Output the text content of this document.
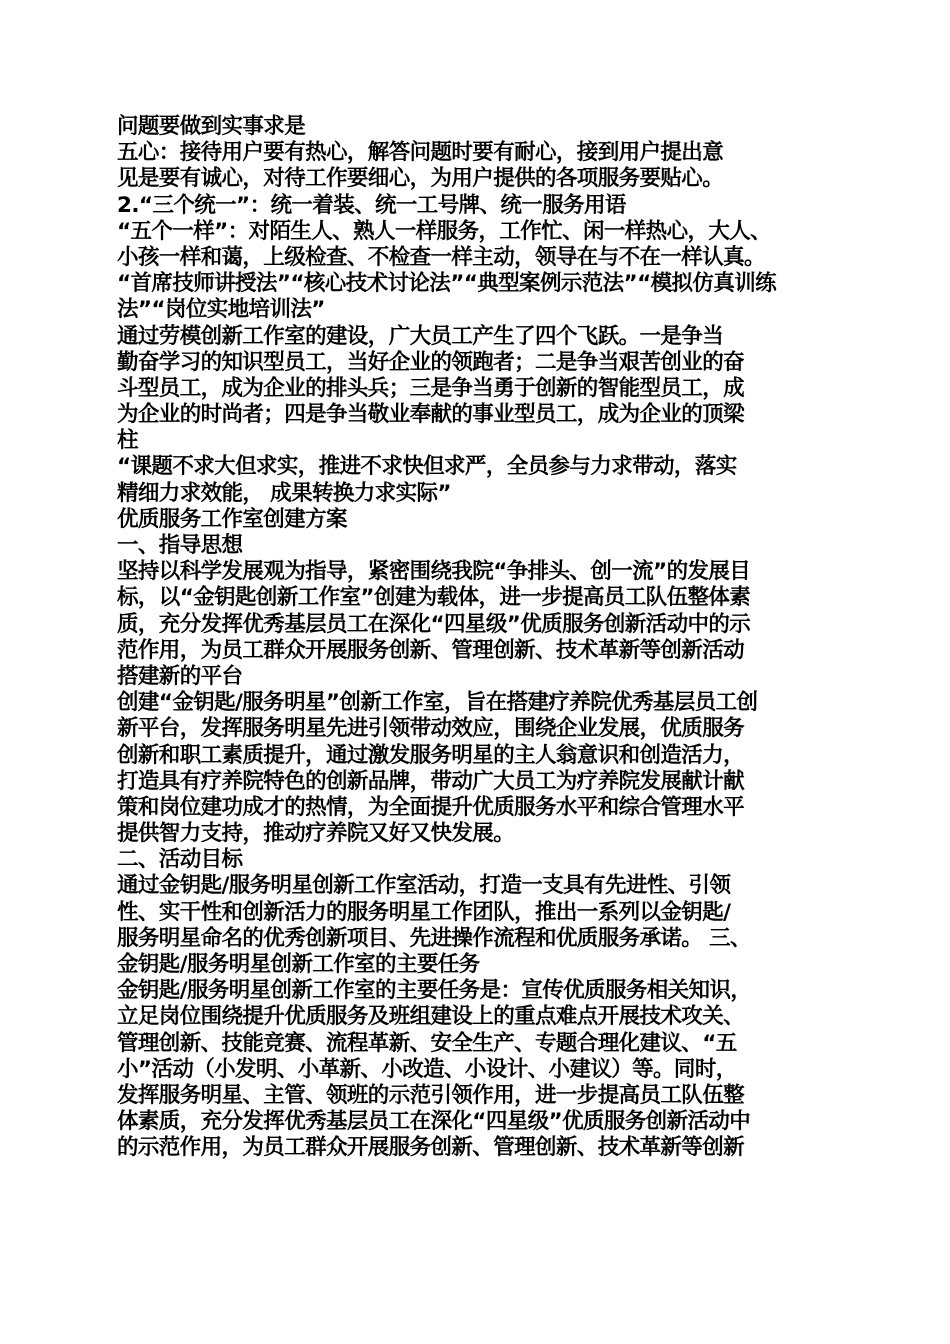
问题要做到实事求是
五心：接待用户要有热心，解答问题时要有耐心，接到用户提出意
见是要有诚心，对待工作要细心，为用户提供的各项服务要贴心。
2.“三个统一”：统一着装、统一工号牌、统一服务用语
“五个一样”：对陌生人、熟人一样服务，工作忙、闲一样热心，大人、
小孩一样和蔼，上级检查、不检查一样主动，领导在与不在一样认真。
“首席技师讲授法”“核心技术讨论法”“典型案例示范法”“模拟仿真训练
法”“岗位实地培训法”
通过劳模创新工作室的建设，广大员工产生了四个飞跃。一是争当
勤奋学习的知识型员工，当好企业的领跑者；二是争当艰苦创业的奋
斗型员工，成为企业的排头兵；三是争当勇于创新的智能型员工，成
为企业的时尚者；四是争当敬业奉献的事业型员工，成为企业的顶梁
柱
“课题不求大但求实，推进不求快但求严，全员参与力求带动，落实
精细力求效能， 成果转换力求实际”
优质服务工作室创建方案
一、指导思想
坚持以科学发展观为指导，紧密围绕我院“争排头、创一流”的发展目
标，以“金钥匙创新工作室”创建为载体，进一步提高员工队伍整体素
质，充分发挥优秀基层员工在深化“四星级”优质服务创新活动中的示
范作用，为员工群众开展服务创新、管理创新、技术革新等创新活动
搭建新的平台
创建“金钥匙/服务明星”创新工作室，旨在搭建疗养院优秀基层员工创
新平台，发挥服务明星先进引领带动效应，围绕企业发展，优质服务
创新和职工素质提升，通过激发服务明星的主人翁意识和创造活力，
打造具有疗养院特色的创新品牌，带动广大员工为疗养院发展献计献
策和岗位建功成才的热情，为全面提升优质服务水平和综合管理水平
提供智力支持，推动疗养院又好又快发展。
二、活动目标
通过金钥匙/服务明星创新工作室活动，打造一支具有先进性、引领
性、实干性和创新活力的服务明星工作团队，推出一系列以金钥匙/
服务明星命名的优秀创新项目、先进操作流程和优质服务承诺。 三、
金钥匙/服务明星创新工作室的主要任务
金钥匙/服务明星创新工作室的主要任务是：宣传优质服务相关知识，
立足岗位围绕提升优质服务及班组建设上的重点难点开展技术攻关、
管理创新、技能竞赛、流程革新、安全生产、专题合理化建议、“五
小”活动（小发明、小革新、小改造、小设计、小建议）等。同时，
发挥服务明星、主管、领班的示范引领作用，进一步提高员工队伍整
体素质，充分发挥优秀基层员工在深化“四星级”优质服务创新活动中
的示范作用，为员工群众开展服务创新、管理创新、技术革新等创新
